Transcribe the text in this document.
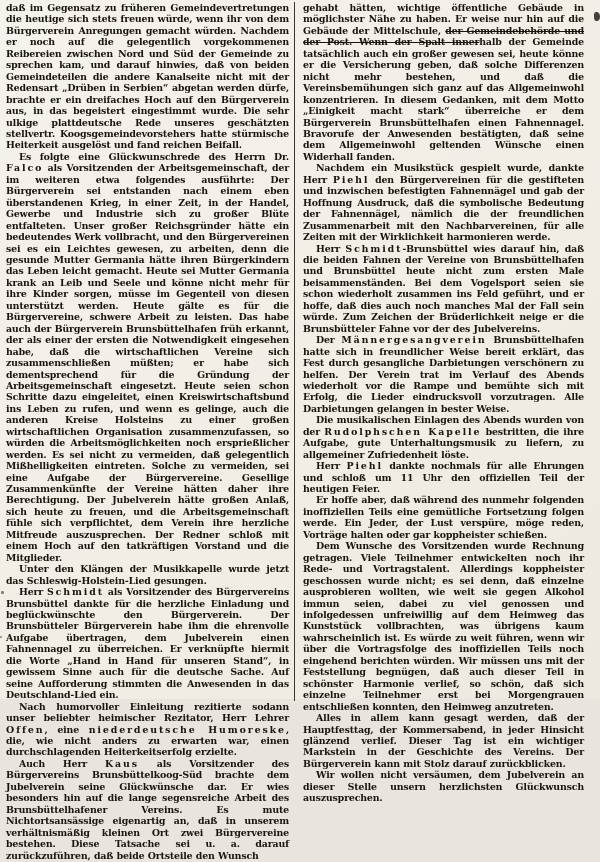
daß im Gegensatz zu früheren Gemeindevertretungen die heutige sich stets freuen würde, wenn ihr von dem Bürgerverein Anregungen gemacht würden. Nachdem er noch auf die gelegentlich vorgekommenen Reibereien zwischen Nord und Süd der Gemeinde zu sprechen kam, und darauf hinwies, daß von beiden Gemeindeteilen die andere Kanalseite nicht mit der Redensart „Drüben in Serbien“ abgetan werden dürfe, brachte er ein dreifaches Hoch auf den Bürgerverein aus, in das begeistert eingestimmt wurde. Die sehr ulkige plattdeutsche Rede unseres geschätzten stellvertr. Koogsgemeindevorstehers hatte stürmische Heiterkeit ausgelöst und fand reichen Beifall.

Es folgte eine Glückwunschrede des Herrn Dr. Falco als Vorsitzenden der Arbeitsgemeinschaft, der im weiteren etwa folgendes ausführte: Der Bürgerverein sei entstanden nach einem eben überstandenen Krieg, in einer Zeit, in der Handel, Gewerbe und Industrie sich zu großer Blüte entfalteten. Unser großer Reichsgründer hätte ein bedeutendes Werk vollbracht, und den Bürgervereinen sei es ein Leichtes gewesen, zu arbeiten, denn die gesunde Mutter Germania hätte ihren Bürgerkindern das Leben leicht gemacht. Heute sei Mutter Germania krank an Leib und Seele und könne nicht mehr für ihre Kinder sorgen, müsse im Gegenteil von diesen unterstützt werden. Heute gälte es für die Bürgervereine, schwere Arbeit zu leisten. Das habe auch der Bürgerverein Brunsbüttelhafen früh erkannt, der als einer der ersten die Notwendigkeit eingesehen habe, daß die wirtschaftlichen Vereine sich zusammenschließen müßten; er habe sich dementsprechend für die Gründung der Arbeitsgemeinschaft eingesetzt. Heute seien schon Schritte dazu eingeleitet, einen Kreiswirtschaftsbund ins Leben zu rufen, und wenn es gelinge, auch die anderen Kreise Holsteins zu einer großen wirtschaftlichen Organisation zusammenzufassen, so würden die Arbeitsmöglichkeiten noch ersprießlicher werden. Es sei nicht zu vermeiden, daß gelegentlich Mißhelligkeiten eintreten. Solche zu vermeiden, sei eine Aufgabe der Bürgervereine. Gesellige Zusammenkünfte der Vereine hätten daher ihre Berechtigung. Der Jubelverein hätte großen Anlaß, sich heute zu freuen, und die Arbeitsgemeinschaft fühle sich verpflichtet, dem Verein ihre herzliche Mitfreude auszusprechen. Der Redner schloß mit einem Hoch auf den tatkräftigen Vorstand und die Mitglieder.

Unter den Klängen der Musikkapelle wurde jetzt das Schleswig-Holstein-Lied gesungen.

Herr Schmidt als Vorsitzender des Bürgervereins Brunsbüttel dankte für die herzliche Einladung und beglückwünschte den Bürgerverein. Der Brunsbütteler Bürgerverein habe ihm die ehrenvolle Aufgabe übertragen, dem Jubelverein einen Fahnennagel zu überreichen. Er verknüpfte hiermit die Worte „Hand in Hand für unseren Stand“, in gewissem Sinne auch für die deutsche Sache. Auf seine Aufforderung stimmten die Anwesenden in das Deutschland-Lied ein.

Nach humorvoller Einleitung rezitierte sodann unser beliebter heimischer Rezitator, Herr Lehrer Offen, eine niederdeutsche Humoreske, die, wie nicht anders zu erwarten war, einen durchschlagenden Heiterkeitserfolg erzielte.

Auch Herr Kaus als Vorsitzender des Bürgervereins Brunsbüttelkoog-Süd brachte dem Jubelverein seine Glückwünsche dar. Er wies besonders hin auf die lange segensreiche Arbeit des Brunsbüttelhafener Vereins. Es mute Nichtortsansässige eigenartig an, daß in unserem verhältnismäßig kleinen Ort zwei Bürgervereine bestehen. Diese Tatsache sei u. a. darauf zurückzuführen, daß beide Ortsteile den Wunsch

gehabt hätten, wichtige öffentliche Gebäude in möglichster Nähe zu haben. Er weise nur hin auf die Gebäude der Mittelschule, der Gemeindebehörde und der Post. Wenn der Spalt innerhalb der Gemeinde tatsächlich auch ein großer gewesen sei, heute könne er die Versicherung geben, daß solche Differenzen nicht mehr bestehen, und daß die Vereinsbemühungen sich ganz auf das Allgemeinwohl konzentrieren. In diesem Gedanken, mit dem Motto „Einigkeit macht stark“ überreiche er dem Bürgerverein Brunsbüttelhafen einen Fahnennagel. Bravorufe der Anwesenden bestätigten, daß seine dem Allgemeinwohl geltenden Wünsche einen Widerhall fanden.

Nachdem ein Musikstück gespielt wurde, dankte Herr Piehl den Bürgervereinen für die gestifteten und inzwischen befestigten Fahnennägel und gab der Hoffnung Ausdruck, daß die symbolische Bedeutung der Fahnennägel, nämlich die der freundlichen Zusammenarbeit mit den Nachbarvereinen, für alle Zeiten mit der Wirklichkeit harmonieren werde.

Herr Schmidt-Brunsbüttel wies darauf hin, daß die beiden Fahnen der Vereine von Brunsbüttelhafen und Brunsbüttel heute nicht zum ersten Male beisammenständen. Bei dem Vogelsport seien sie schon wiederholt zusammen ins Feld geführt, und er hoffe, daß dies auch noch manches Mal der Fall sein würde. Zum Zeichen der Brüderlichkeit neige er die Brunsbütteler Fahne vor der des Jubelvereins.

Der Männergesangverein Brunsbüttelhafen hatte sich in freundlicher Weise bereit erklärt, das Fest durch gesangliche Darbietungen verschönern zu helfen. Der Verein trat im Verlauf des Abends wiederholt vor die Rampe und bemühte sich mit Erfolg, die Lieder eindrucksvoll vorzutragen. Alle Darbietungen gelangen in bester Weise.

Die musikalischen Einlagen des Abends wurden von der Rudolphschen Kapelle bestritten, die ihre Aufgabe, gute Unterhaltungsmusik zu liefern, zu allgemeiner Zufriedenheit löste.

Herr Piehl dankte nochmals für alle Ehrungen und schloß um 11 Uhr den offiziellen Teil der heutigen Feier.

Er hoffe aber, daß während des nunmehr folgenden inoffiziellen Teils eine gemütliche Fortsetzung folgen werde. Ein Jeder, der Lust verspüre, möge reden, Vorträge halten oder gar koppheister schießen.

Dem Wunsche des Vorsitzenden wurde Rechnung getragen. Viele Teilnehmer entwickelten noch ihr Rede- und Vortragstalent. Allerdings koppheister geschossen wurde nicht; es sei denn, daß einzelne ausprobieren wollten, wie weit sie gegen Alkohol immun seien, dabei zu viel genossen und infolgedessen unfreiwillig auf dem Heimweg das Kunststück vollbrachten, was übrigens kaum wahrscheinlich ist. Es würde zu weit führen, wenn wir über die Vortragsfolge des inoffiziellen Teils noch eingehend berichten würden. Wir müssen uns mit der Feststellung begnügen, daß auch dieser Teil in schönster Harmonie verlief, so schön, daß sich einzelne Teilnehmer erst bei Morgengrauen entschließen konnten, den Heimweg anzutreten.

Alles in allem kann gesagt werden, daß der Hauptfesttag, der Kommersabend, in jeder Hinsicht glänzend verlief. Dieser Tag ist ein wichtiger Markstein in der Geschichte des Vereins. Der Bürgerverein kann mit Stolz darauf zurückblicken.

Wir wollen nicht versäumen, dem Jubelverein an dieser Stelle unsern herzlichsten Glückwunsch auszusprechen.
